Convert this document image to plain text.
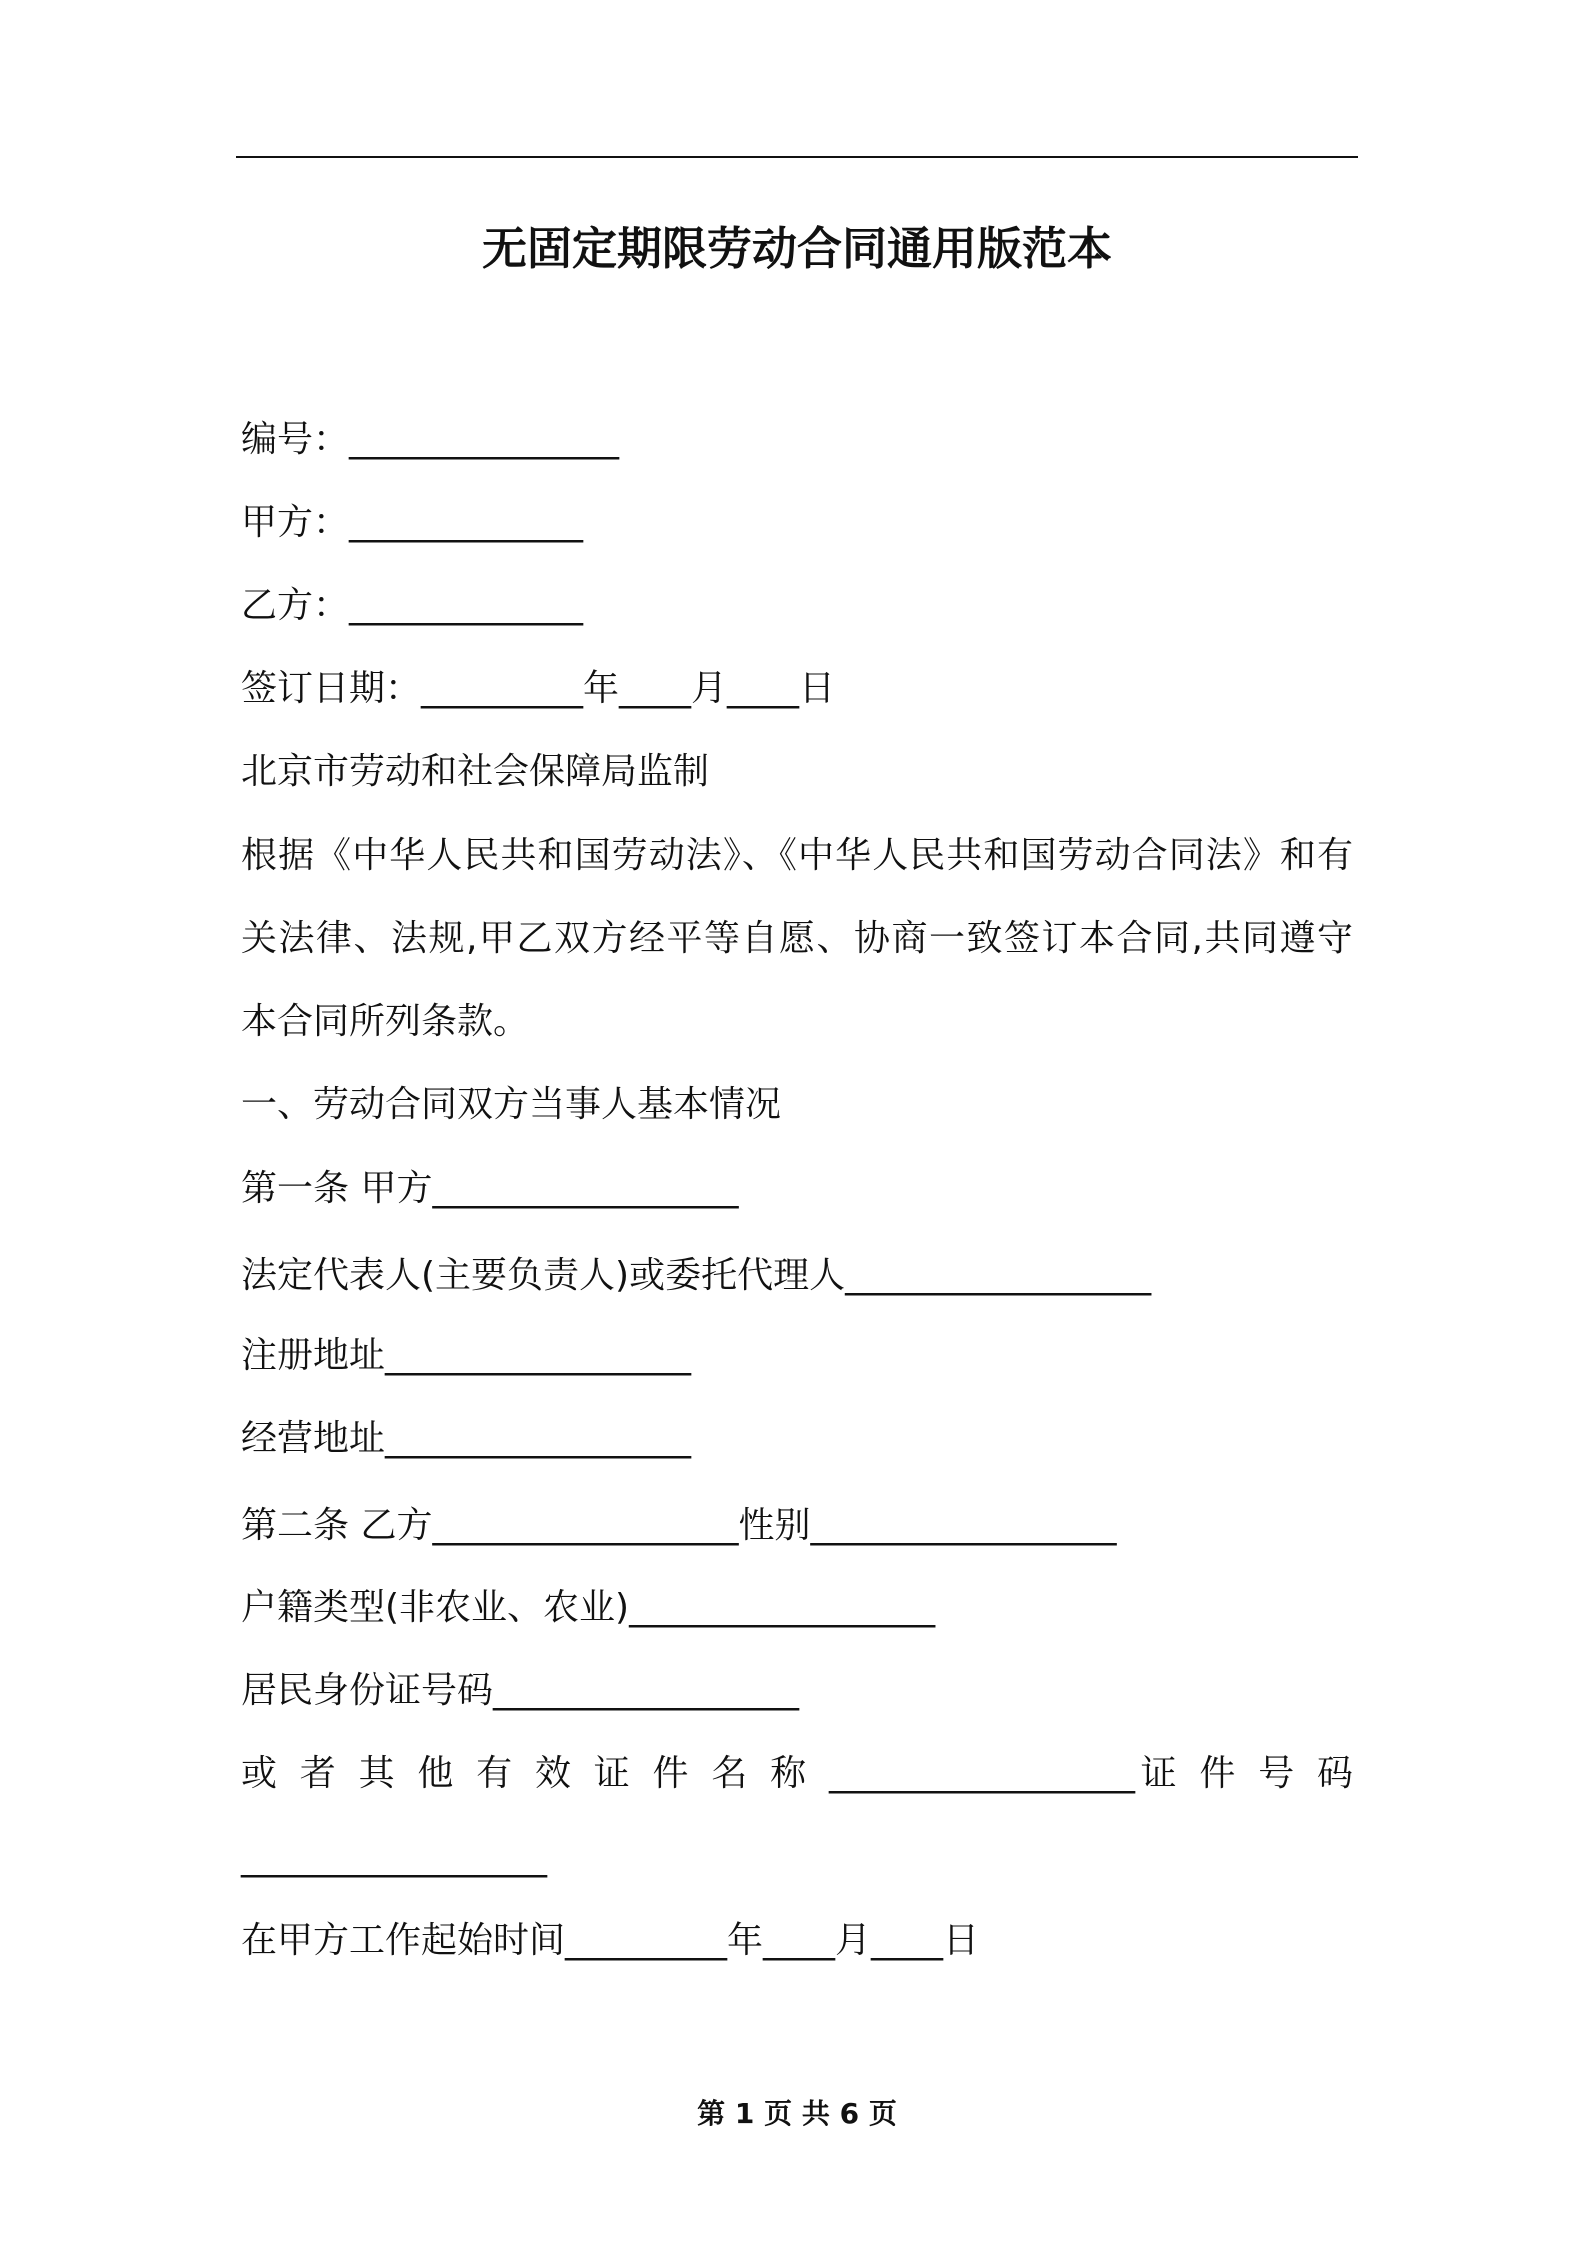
无固定期限劳动合同通用版范本
编号：_______________
甲方：_____________
乙方：_____________
签订日期：_________年____月____日
北京市劳动和社会保障局监制
根据《中华人民共和国劳动法》、《中华人民共和国劳动合同法》和有
关法律、法规,甲乙双方经平等自愿、协商一致签订本合同,共同遵守
本合同所列条款。
一、劳动合同双方当事人基本情况
第一条 甲方_________________
法定代表人(主要负责人)或委托代理人_________________
注册地址_________________
经营地址_________________
第二条 乙方_________________性别_________________
户籍类型(非农业、农业)_________________
居民身份证号码_________________
或 者 其 他 有 效 证 件 名 称 _________________证 件 号 码
_________________
在甲方工作起始时间_________年____月____日
第 1 页 共 6 页
